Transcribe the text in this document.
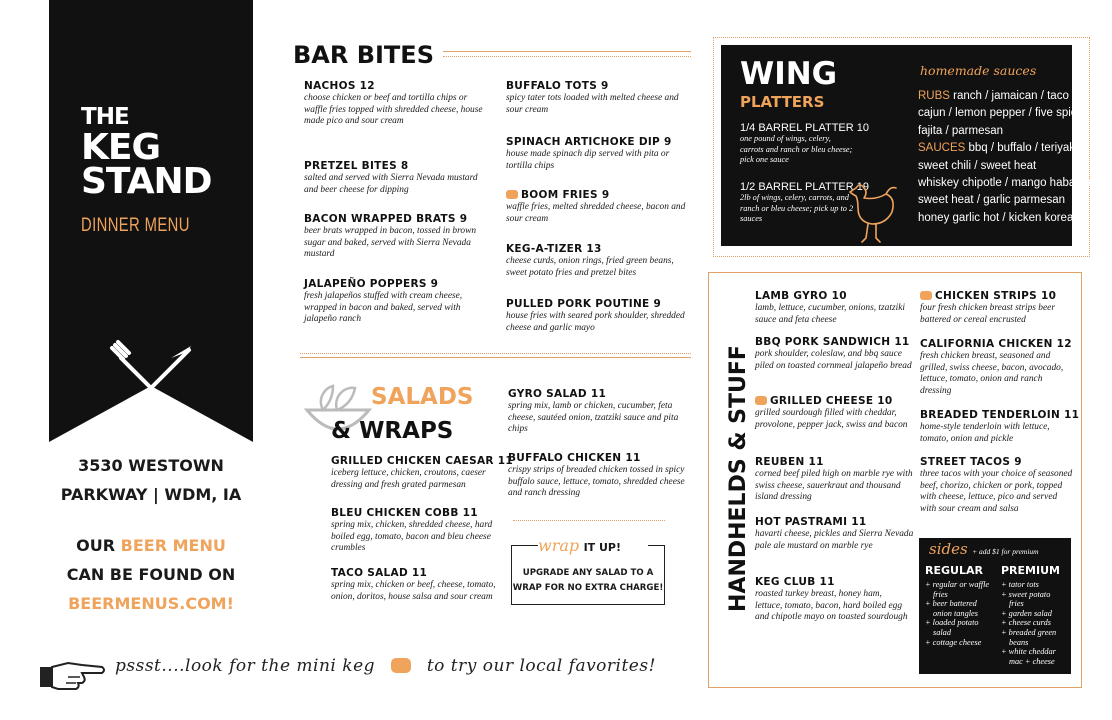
THE
KEG
STAND
DINNER MENU
3530 WESTOWN
PARKWAY | WDM, IA
OUR BEER MENU
CAN BE FOUND ON
BEERMENUS.COM!
BAR BITES
NACHOS 12
choose chicken or beef and tortilla chips or waffle fries topped with shredded cheese, house made pico and sour cream
PRETZEL BITES 8
salted and served with Sierra Nevada mustard and beer cheese for dipping
BACON WRAPPED BRATS 9
beer brats wrapped in bacon, tossed in brown sugar and baked, served with Sierra Nevada mustard
JALAPEÑO POPPERS 9
fresh jalapeños stuffed with cream cheese, wrapped in bacon and baked, served with jalapeño ranch
BUFFALO TOTS 9
spicy tater tots loaded with melted cheese and sour cream
SPINACH ARTICHOKE DIP 9
house made spinach dip served with pita or tortilla chips
BOOM FRIES 9
waffle fries, melted shredded cheese, bacon and sour cream
KEG-A-TIZER 13
cheese curds, onion rings, fried green beans, sweet potato fries and pretzel bites
PULLED PORK POUTINE 9
house fries with seared pork shoulder, shredded cheese and garlic mayo
SALADS
& WRAPS
GRILLED CHICKEN CAESAR 11
iceberg lettuce, chicken, croutons, caeser dressing and fresh grated parmesan
BLEU CHICKEN COBB 11
spring mix, chicken, shredded cheese, hard boiled egg, tomato, bacon and bleu cheese crumbles
TACO SALAD 11
spring mix, chicken or beef, cheese, tomato, onion, doritos, house salsa and sour cream
GYRO SALAD 11
spring mix, lamb or chicken, cucumber, feta cheese, sautéed onion, tzatziki sauce and pita chips
BUFFALO CHICKEN 11
crispy strips of breaded chicken tossed in spicy buffalo sauce, lettuce, tomato, shredded cheese and ranch dressing
wrap IT UP!
UPGRADE ANY SALAD TO A
WRAP FOR NO EXTRA CHARGE!
WING
PLATTERS
1/4 BARREL PLATTER 10
one pound of wings, celery, carrots and ranch or bleu cheese; pick one sauce
1/2 BARREL PLATTER 19
2lb of wings, celery, carrots, and ranch or bleu cheese; pick up to 2 sauces
homemade sauces
RUBS ranch / jamaican / taco
cajun / lemon pepper / five spice
fajita / parmesan
SAUCES bbq / buffalo / teriyaki
sweet chili / sweet heat
whiskey chipotle / mango habanero
sweet heat / garlic parmesan
honey garlic hot / kicken korean
HANDHELDS & STUFF
LAMB GYRO 10
lamb, lettuce, cucumber, onions, tzatziki sauce and feta cheese
BBQ PORK SANDWICH 11
pork shoulder, coleslaw, and bbq sauce piled on toasted cornmeal jalapeño bread
GRILLED CHEESE 10
grilled sourdough filled with cheddar, provolone, pepper jack, swiss and bacon
REUBEN 11
corned beef piled high on marble rye with swiss cheese, sauerkraut and thousand island dressing
HOT PASTRAMI 11
havarti cheese, pickles and Sierra Nevada pale ale mustard on marble rye
KEG CLUB 11
roasted turkey breast, honey ham, lettuce, tomato, bacon, hard boiled egg and chipotle mayo on toasted sourdough
CHICKEN STRIPS 10
four fresh chicken breast strips beer battered or cereal encrusted
CALIFORNIA CHICKEN 12
fresh chicken breast, seasoned and grilled, swiss cheese, bacon, avocado, lettuce, tomato, onion and ranch dressing
BREADED TENDERLOIN 11
home-style tenderloin with lettuce, tomato, onion and pickle
STREET TACOS 9
three tacos with your choice of seasoned beef, chorizo, chicken or pork, topped with cheese, lettuce, pico and served with sour cream and salsa
sides + add $1 for premium
REGULAR PREMIUM
+ regular or waffle
fries
+ beer battered
onion tangles
+ loaded potato
salad
+ cottage cheese
+ tator tots
+ sweet potato
fries
+ garden salad
+ cheese curds
+ breaded green
beans
+ white cheddar
mac + cheese
pssst....look for the mini keg	to try our local favorites!
